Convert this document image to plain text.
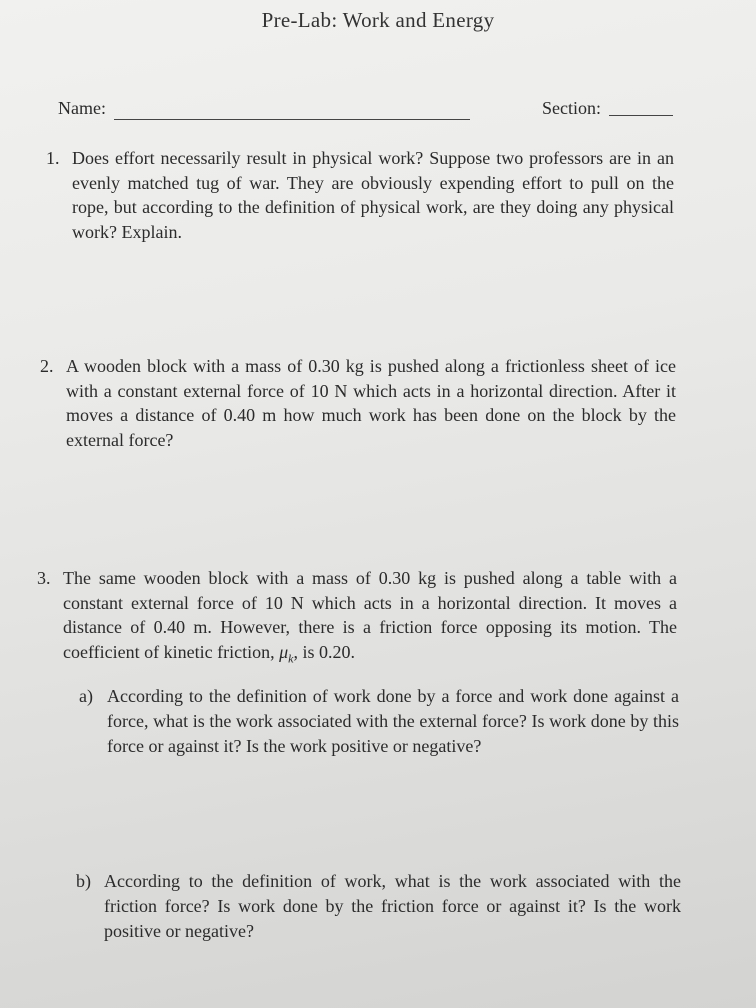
Pre-Lab: Work and Energy
Name:	Section:
1. Does effort necessarily result in physical work? Suppose two professors are in an evenly matched tug of war. They are obviously expending effort to pull on the rope, but according to the definition of physical work, are they doing any physical work? Explain.
2. A wooden block with a mass of 0.30 kg is pushed along a frictionless sheet of ice with a constant external force of 10 N which acts in a horizontal direction. After it moves a distance of 0.40 m how much work has been done on the block by the external force?
3. The same wooden block with a mass of 0.30 kg is pushed along a table with a constant external force of 10 N which acts in a horizontal direction. It moves a distance of 0.40 m. However, there is a friction force opposing its motion. The coefficient of kinetic friction, $\mu_k$, is 0.20.
a) According to the definition of work done by a force and work done against a force, what is the work associated with the external force? Is work done by this force or against it? Is the work positive or negative?
b) According to the definition of work, what is the work associated with the friction force? Is work done by the friction force or against it? Is the work positive or negative?
